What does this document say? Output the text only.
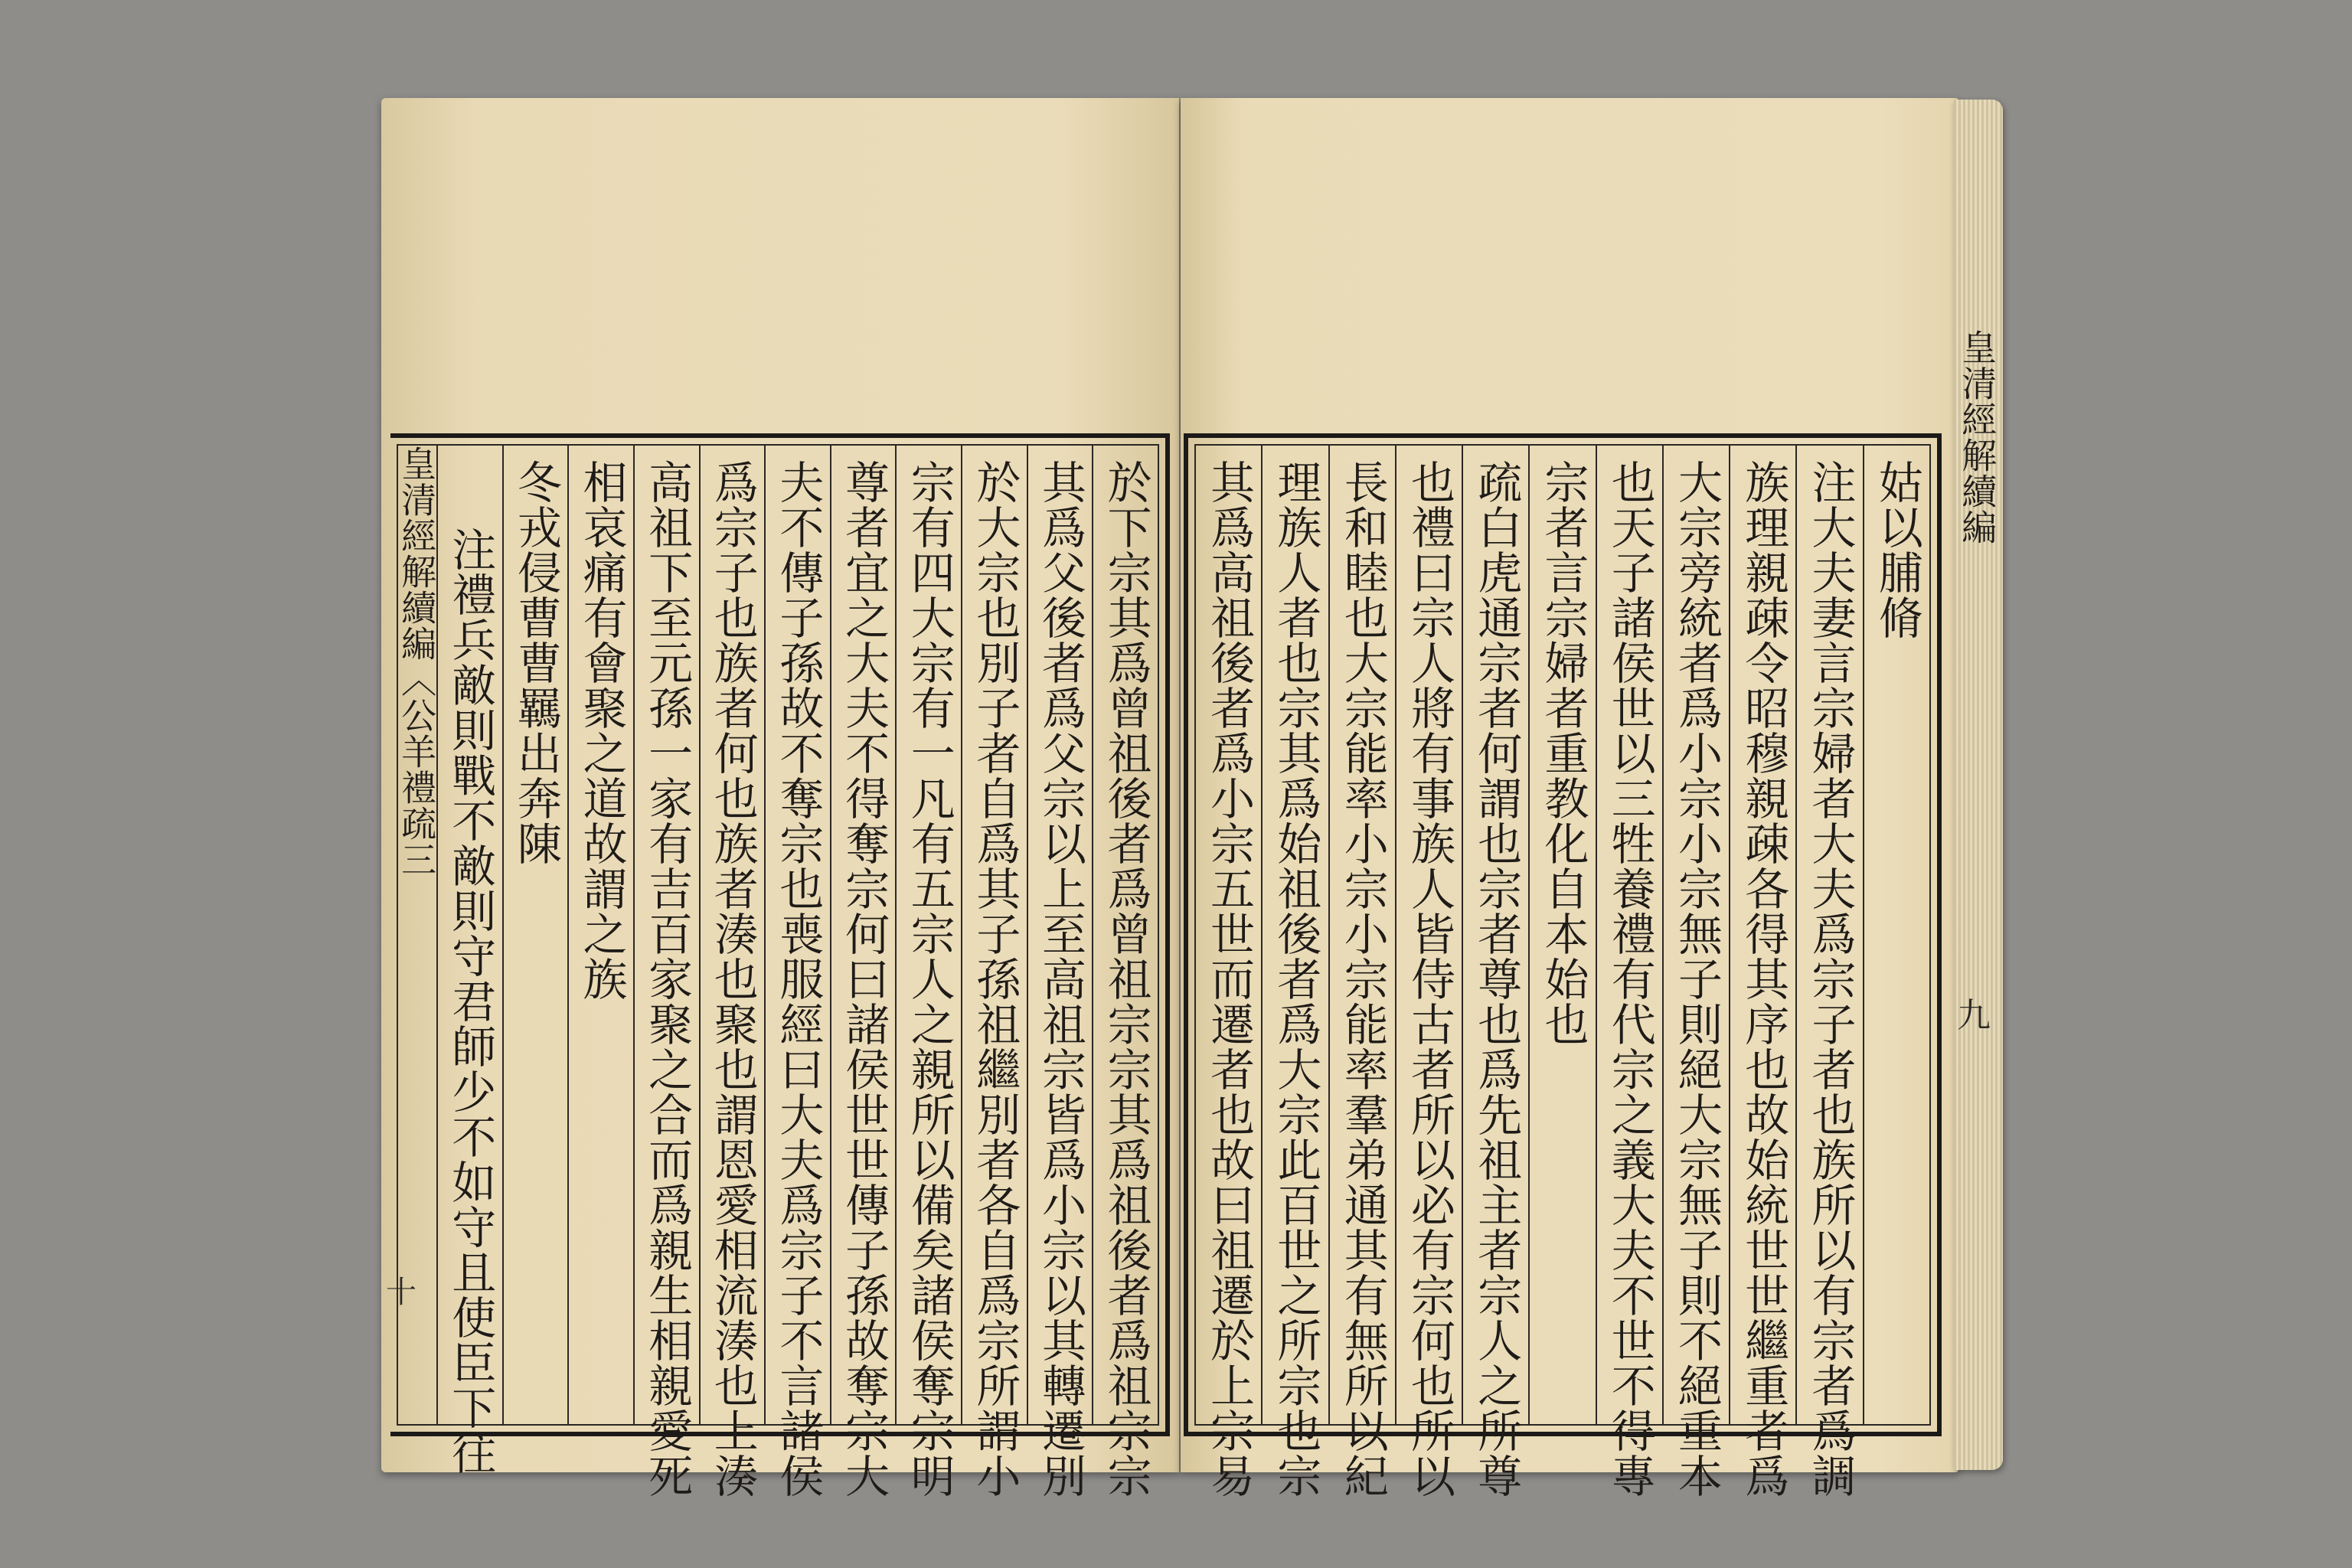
皇清經解續編〈公羊禮疏三	於下宗其爲曾祖後者爲曾祖宗宗其爲祖後者爲祖宗宗
其爲父後者爲父宗以上至高祖宗皆爲小宗以其轉遷別
於大宗也別子者自爲其子孫祖繼別者各自爲宗所謂小
宗有四大宗有一凡有五宗人之親所以備矣諸侯奪宗明
尊者宜之大夫不得奪宗何曰諸侯世世傳子孫故奪宗大
夫不傳子孫故不奪宗也喪服經曰大夫爲宗子不言諸侯
爲宗子也族者何也族者湊也聚也謂恩愛相流湊也上湊
高祖下至元孫一家有吉百家聚之合而爲親生相親愛死
相哀痛有會聚之道故謂之族
冬戎侵曹曹羈出奔陳
注禮兵敵則戰不敵則守君師少不如守且使臣下往
十
姑以脯脩
注大夫妻言宗婦者大夫爲宗子者也族所以有宗者爲調
族理親疎令昭穆親疎各得其序也故始統世世繼重者爲
大宗旁統者爲小宗小宗無子則絕大宗無子則不絕重本
也天子諸侯世以三牲養禮有代宗之義大夫不世不得專
宗者言宗婦者重教化自本始也
疏白虎通宗者何謂也宗者尊也爲先祖主者宗人之所尊
也禮曰宗人將有事族人皆侍古者所以必有宗何也所以
長和睦也大宗能率小宗小宗能率羣弟通其有無所以紀
理族人者也宗其爲始祖後者爲大宗此百世之所宗也宗
其爲高祖後者爲小宗五世而遷者也故曰祖遷於上宗易
皇清經解續編
九
